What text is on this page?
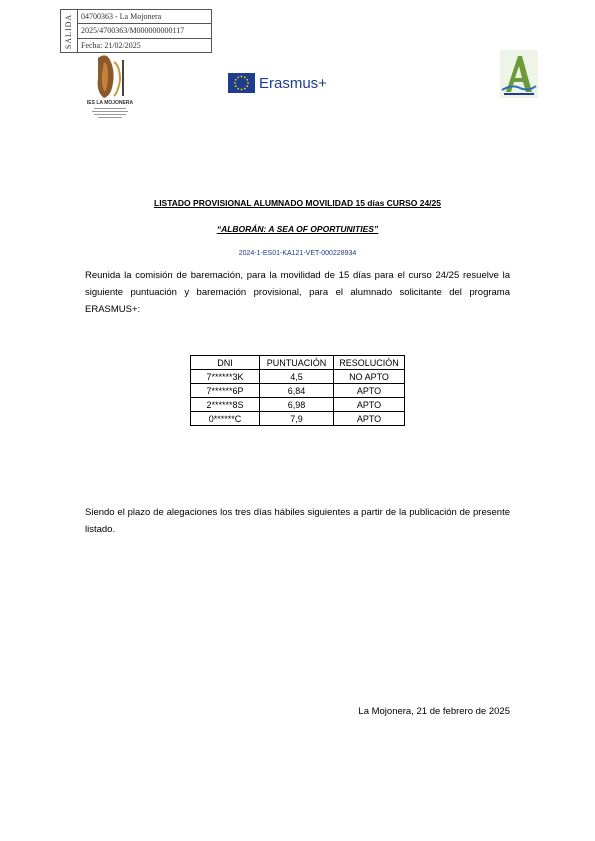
SALIDA 04700363 - La Mojonera
2025/4700363/M000000000117
Fecha: 21/02/2025
IES LA MOJONERA
Erasmus+
LISTADO PROVISIONAL ALUMNADO MOVILIDAD 15 días CURSO 24/25
“ALBORÁN: A SEA OF OPORTUNITIES”
2024-1-ES01-KA121-VET-000228934
Reunida la comisión de baremación, para la movilidad de 15 días para el curso 24/25 resuelve la siguiente puntuación y baremación provisional, para el alumnado solicitante del programa ERASMUS+:
DNI	PUNTUACIÓN	RESOLUCIÓN
7******3K	4,5	NO APTO
7******6P	6,84	APTO
2******8S	6,98	APTO
0******C	7,9	APTO
Siendo el plazo de alegaciones los tres días hábiles siguientes a partir de la publicación de presente listado.
La Mojonera, 21 de febrero de 2025
